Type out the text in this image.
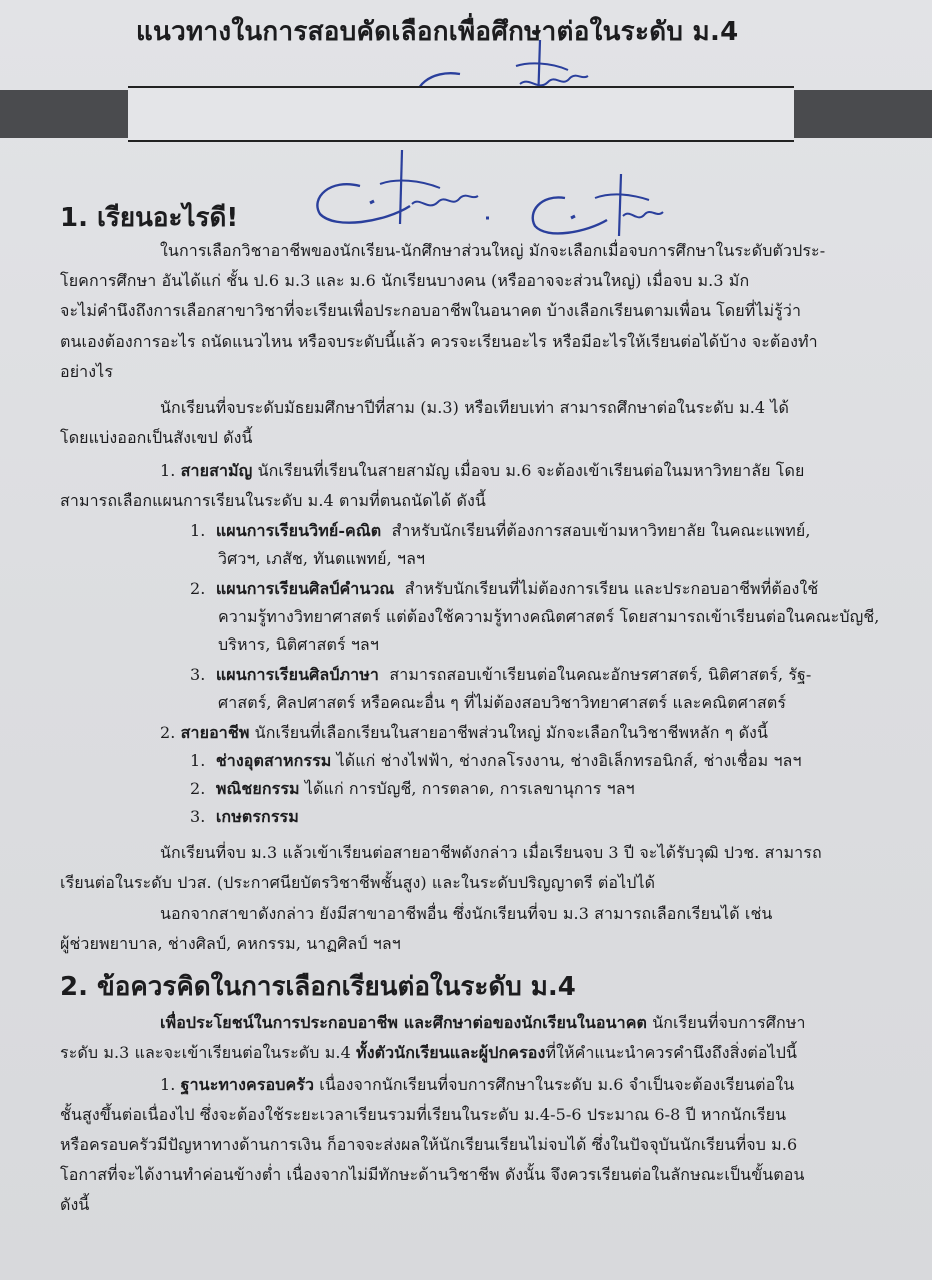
แนวทางในการสอบคัดเลือกเพื่อศึกษาต่อในระดับ ม.4
1. เรียนอะไรดี!
ในการเลือกวิชาอาชีพของนักเรียน-นักศึกษาส่วนใหญ่ มักจะเลือกเมื่อจบการศึกษาในระดับตัวประ-
โยคการศึกษา อันได้แก่ ชั้น ป.6 ม.3 และ ม.6 นักเรียนบางคน (หรืออาจจะส่วนใหญ่) เมื่อจบ ม.3 มัก
จะไม่คำนึงถึงการเลือกสาขาวิชาที่จะเรียนเพื่อประกอบอาชีพในอนาคต บ้างเลือกเรียนตามเพื่อน โดยที่ไม่รู้ว่า
ตนเองต้องการอะไร ถนัดแนวไหน หรือจบระดับนี้แล้ว ควรจะเรียนอะไร หรือมีอะไรให้เรียนต่อได้บ้าง จะต้องทำ
อย่างไร
นักเรียนที่จบระดับมัธยมศึกษาปีที่สาม (ม.3) หรือเทียบเท่า สามารถศึกษาต่อในระดับ ม.4 ได้
โดยแบ่งออกเป็นสังเขป ดังนี้
1. สายสามัญ นักเรียนที่เรียนในสายสามัญ เมื่อจบ ม.6 จะต้องเข้าเรียนต่อในมหาวิทยาลัย โดย
สามารถเลือกแผนการเรียนในระดับ ม.4 ตามที่ตนถนัดได้ ดังนี้
1. แผนการเรียนวิทย์-คณิต สำหรับนักเรียนที่ต้องการสอบเข้ามหาวิทยาลัย ในคณะแพทย์,
วิศวฯ, เภสัช, ทันตแพทย์, ฯลฯ
2. แผนการเรียนศิลป์คำนวณ สำหรับนักเรียนที่ไม่ต้องการเรียน และประกอบอาชีพที่ต้องใช้
ความรู้ทางวิทยาศาสตร์ แต่ต้องใช้ความรู้ทางคณิตศาสตร์ โดยสามารถเข้าเรียนต่อในคณะบัญชี,
บริหาร, นิติศาสตร์ ฯลฯ
3. แผนการเรียนศิลป์ภาษา สามารถสอบเข้าเรียนต่อในคณะอักษรศาสตร์, นิติศาสตร์, รัฐ-
ศาสตร์, ศิลปศาสตร์ หรือคณะอื่น ๆ ที่ไม่ต้องสอบวิชาวิทยาศาสตร์ และคณิตศาสตร์
2. สายอาชีพ นักเรียนที่เลือกเรียนในสายอาชีพส่วนใหญ่ มักจะเลือกในวิชาชีพหลัก ๆ ดังนี้
1. ช่างอุตสาหกรรม ได้แก่ ช่างไฟฟ้า, ช่างกลโรงงาน, ช่างอิเล็กทรอนิกส์, ช่างเชื่อม ฯลฯ
2. พณิชยกรรม ได้แก่ การบัญชี, การตลาด, การเลขานุการ ฯลฯ
3. เกษตรกรรม
นักเรียนที่จบ ม.3 แล้วเข้าเรียนต่อสายอาชีพดังกล่าว เมื่อเรียนจบ 3 ปี จะได้รับวุฒิ ปวช. สามารถ
เรียนต่อในระดับ ปวส. (ประกาศนียบัตรวิชาชีพชั้นสูง) และในระดับปริญญาตรี ต่อไปได้
นอกจากสาขาดังกล่าว ยังมีสาขาอาชีพอื่น ซึ่งนักเรียนที่จบ ม.3 สามารถเลือกเรียนได้ เช่น
ผู้ช่วยพยาบาล, ช่างศิลป์, คหกรรม, นาฏศิลป์ ฯลฯ
2. ข้อควรคิดในการเลือกเรียนต่อในระดับ ม.4
เพื่อประโยชน์ในการประกอบอาชีพ และศึกษาต่อของนักเรียนในอนาคต นักเรียนที่จบการศึกษา
ระดับ ม.3 และจะเข้าเรียนต่อในระดับ ม.4 ทั้งตัวนักเรียนและผู้ปกครองที่ให้คำแนะนำควรคำนึงถึงสิ่งต่อไปนี้
1. ฐานะทางครอบครัว เนื่องจากนักเรียนที่จบการศึกษาในระดับ ม.6 จำเป็นจะต้องเรียนต่อใน
ชั้นสูงขึ้นต่อเนื่องไป ซึ่งจะต้องใช้ระยะเวลาเรียนรวมที่เรียนในระดับ ม.4-5-6 ประมาณ 6-8 ปี หากนักเรียน
หรือครอบครัวมีปัญหาทางด้านการเงิน ก็อาจจะส่งผลให้นักเรียนเรียนไม่จบได้ ซึ่งในปัจจุบันนักเรียนที่จบ ม.6
โอกาสที่จะได้งานทำค่อนข้างต่ำ เนื่องจากไม่มีทักษะด้านวิชาชีพ ดังนั้น จึงควรเรียนต่อในลักษณะเป็นขั้นตอน
ดังนี้
